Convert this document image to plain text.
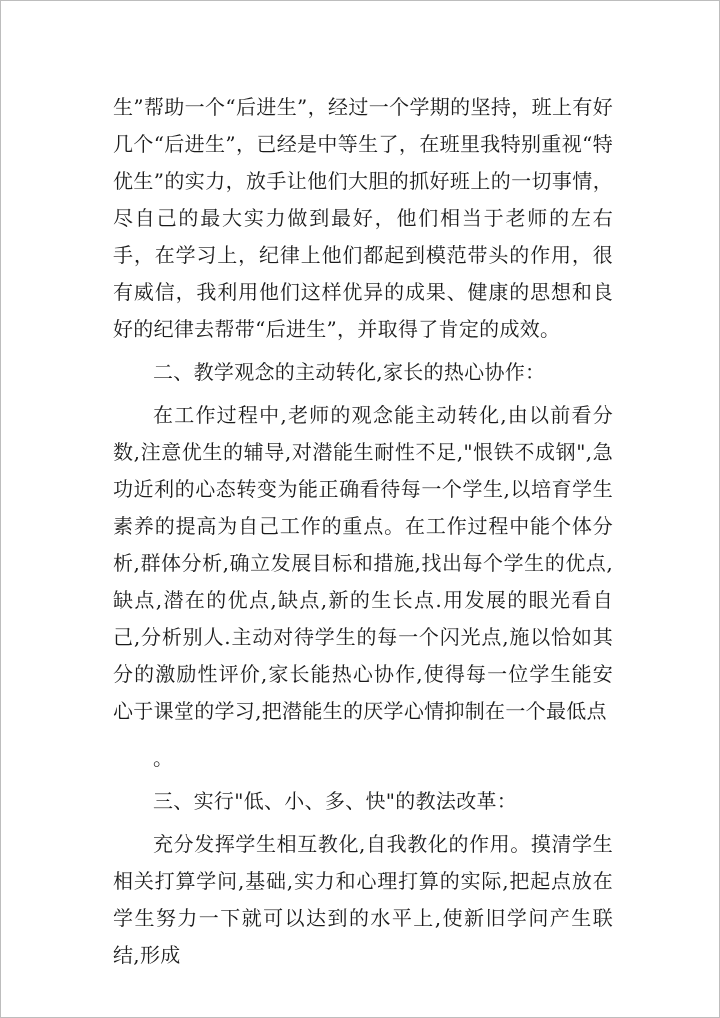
生”帮助一个“后进生”，经过一个学期的坚持，班上有好几个“后进生”，已经是中等生了，在班里我特别重视“特优生”的实力，放手让他们大胆的抓好班上的一切事情，尽自己的最大实力做到最好，他们相当于老师的左右手，在学习上，纪律上他们都起到模范带头的作用，很有威信，我利用他们这样优异的成果、健康的思想和良好的纪律去帮带“后进生”，并取得了肯定的成效。

二、教学观念的主动转化,家长的热心协作：

在工作过程中,老师的观念能主动转化,由以前看分数,注意优生的辅导,对潜能生耐性不足,"恨铁不成钢",急功近利的心态转变为能正确看待每一个学生,以培育学生素养的提高为自己工作的重点。在工作过程中能个体分析,群体分析,确立发展目标和措施,找出每个学生的优点,缺点,潜在的优点,缺点,新的生长点.用发展的眼光看自己,分析别人.主动对待学生的每一个闪光点,施以恰如其分的激励性评价,家长能热心协作,使得每一位学生能安心于课堂的学习,把潜能生的厌学心情抑制在一个最低点

。

三、实行"低、小、多、快"的教法改革：

充分发挥学生相互教化,自我教化的作用。摸清学生相关打算学问,基础,实力和心理打算的实际,把起点放在学生努力一下就可以达到的水平上,使新旧学问产生联结,形成
